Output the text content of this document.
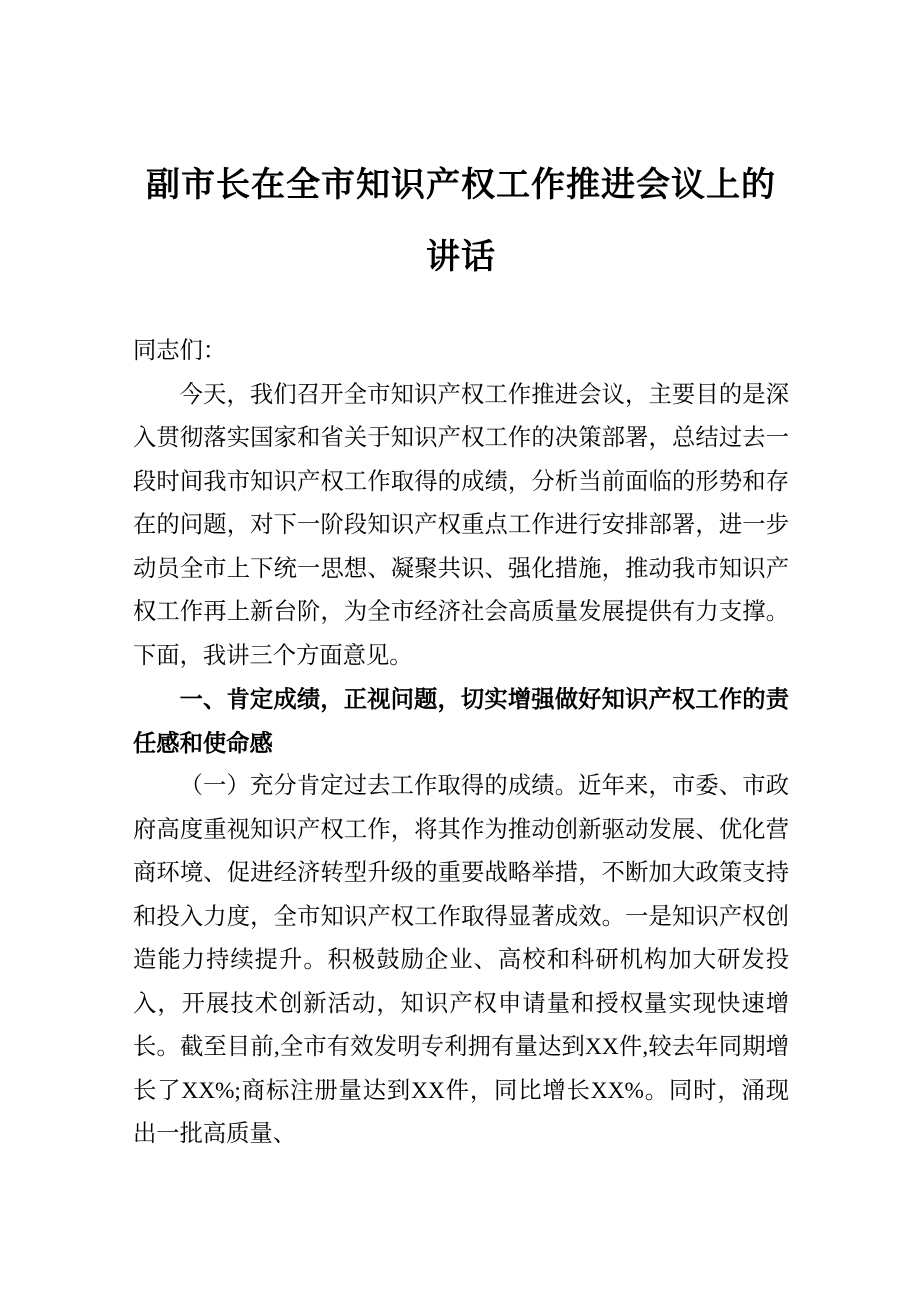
副市长在全市知识产权工作推进会议上的
讲话

同志们：

今天，我们召开全市知识产权工作推进会议，主要目的是深入贯彻落实国家和省关于知识产权工作的决策部署，总结过去一段时间我市知识产权工作取得的成绩，分析当前面临的形势和存在的问题，对下一阶段知识产权重点工作进行安排部署，进一步动员全市上下统一思想、凝聚共识、强化措施，推动我市知识产权工作再上新台阶，为全市经济社会高质量发展提供有力支撑。下面，我讲三个方面意见。

一、肯定成绩，正视问题，切实增强做好知识产权工作的责任感和使命感

（一）充分肯定过去工作取得的成绩。近年来，市委、市政府高度重视知识产权工作，将其作为推动创新驱动发展、优化营商环境、促进经济转型升级的重要战略举措，不断加大政策支持和投入力度，全市知识产权工作取得显著成效。一是知识产权创造能力持续提升。积极鼓励企业、高校和科研机构加大研发投入，开展技术创新活动，知识产权申请量和授权量实现快速增长。截至目前,全市有效发明专利拥有量达到XX件,较去年同期增长了XX%;商标注册量达到XX件，同比增长XX%。同时，涌现出一批高质量、
